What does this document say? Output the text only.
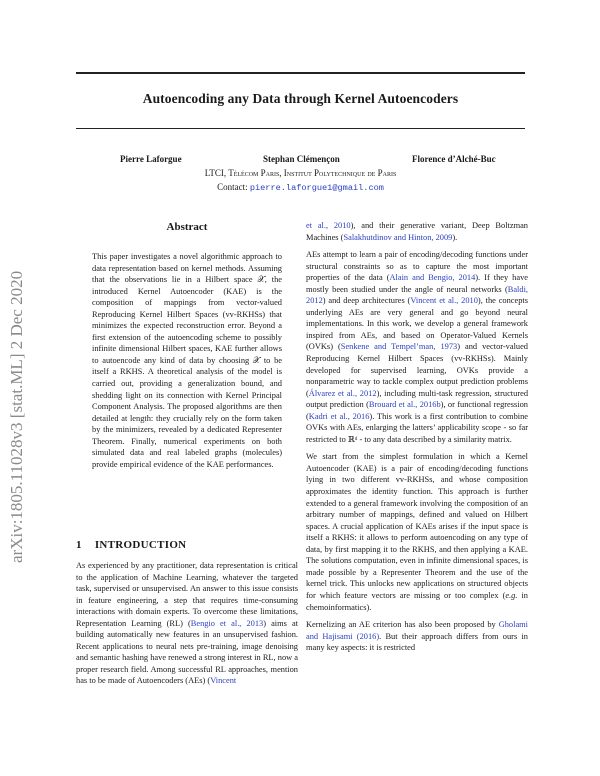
arXiv:1805.11028v3 [stat.ML] 2 Dec 2020
Autoencoding any Data through Kernel Autoencoders
Pierre Laforgue	Stephan Clémençon	Florence d’Alché-Buc
LTCI, Télécom Paris, Institut Polytechnique de Paris
Contact: pierre.laforgue1@gmail.com
Abstract
This paper investigates a novel algorithmic approach to data representation based on kernel methods. Assuming that the observations lie in a Hilbert space 𝒳, the introduced Kernel Autoencoder (KAE) is the composition of mappings from vector-valued Reproducing Kernel Hilbert Spaces (vv-RKHSs) that minimizes the expected reconstruction error. Beyond a first extension of the autoencoding scheme to possibly infinite dimensional Hilbert spaces, KAE further allows to autoencode any kind of data by choosing 𝒳 to be itself a RKHS. A theoretical analysis of the model is carried out, providing a generalization bound, and shedding light on its connection with Kernel Principal Component Analysis. The proposed algorithms are then detailed at length: they crucially rely on the form taken by the minimizers, revealed by a dedicated Representer Theorem. Finally, numerical experiments on both simulated data and real labeled graphs (molecules) provide empirical evidence of the KAE performances.
1 INTRODUCTION
As experienced by any practitioner, data representation is critical to the application of Machine Learning, whatever the targeted task, supervised or unsupervised. An answer to this issue consists in feature engineering, a step that requires time-consuming interactions with domain experts. To overcome these limitations, Representation Learning (RL) (Bengio et al., 2013) aims at building automatically new features in an unsupervised fashion. Recent applications to neural nets pre-training, image denoising and semantic hashing have renewed a strong interest in RL, now a proper research field. Among successful RL approaches, mention has to be made of Autoencoders (AEs) (Vincent

et al., 2010), and their generative variant, Deep Boltzman Machines (Salakhutdinov and Hinton, 2009).

AEs attempt to learn a pair of encoding/decoding functions under structural constraints so as to capture the most important properties of the data (Alain and Bengio, 2014). If they have mostly been studied under the angle of neural networks (Baldi, 2012) and deep architectures (Vincent et al., 2010), the concepts underlying AEs are very general and go beyond neural implementations. In this work, we develop a general framework inspired from AEs, and based on Operator-Valued Kernels (OVKs) (Senkene and Tempel’man, 1973) and vector-valued Reproducing Kernel Hilbert Spaces (vv-RKHSs). Mainly developed for supervised learning, OVKs provide a nonparametric way to tackle complex output prediction problems (Álvarez et al., 2012), including multi-task regression, structured output prediction (Brouard et al., 2016b), or functional regression (Kadri et al., 2016). This work is a first contribution to combine OVKs with AEs, enlarging the latters’ applicability scope - so far restricted to ℝᵈ - to any data described by a similarity matrix.

We start from the simplest formulation in which a Kernel Autoencoder (KAE) is a pair of encoding/decoding functions lying in two different vv-RKHSs, and whose composition approximates the identity function. This approach is further extended to a general framework involving the composition of an arbitrary number of mappings, defined and valued on Hilbert spaces. A crucial application of KAEs arises if the input space is itself a RKHS: it allows to perform autoencoding on any type of data, by first mapping it to the RKHS, and then applying a KAE. The solutions computation, even in infinite dimensional spaces, is made possible by a Representer Theorem and the use of the kernel trick. This unlocks new applications on structured objects for which feature vectors are missing or too complex (e.g. in chemoinformatics).

Kernelizing an AE criterion has also been proposed by Gholami and Hajisami (2016). But their approach differs from ours in many key aspects: it is restricted
